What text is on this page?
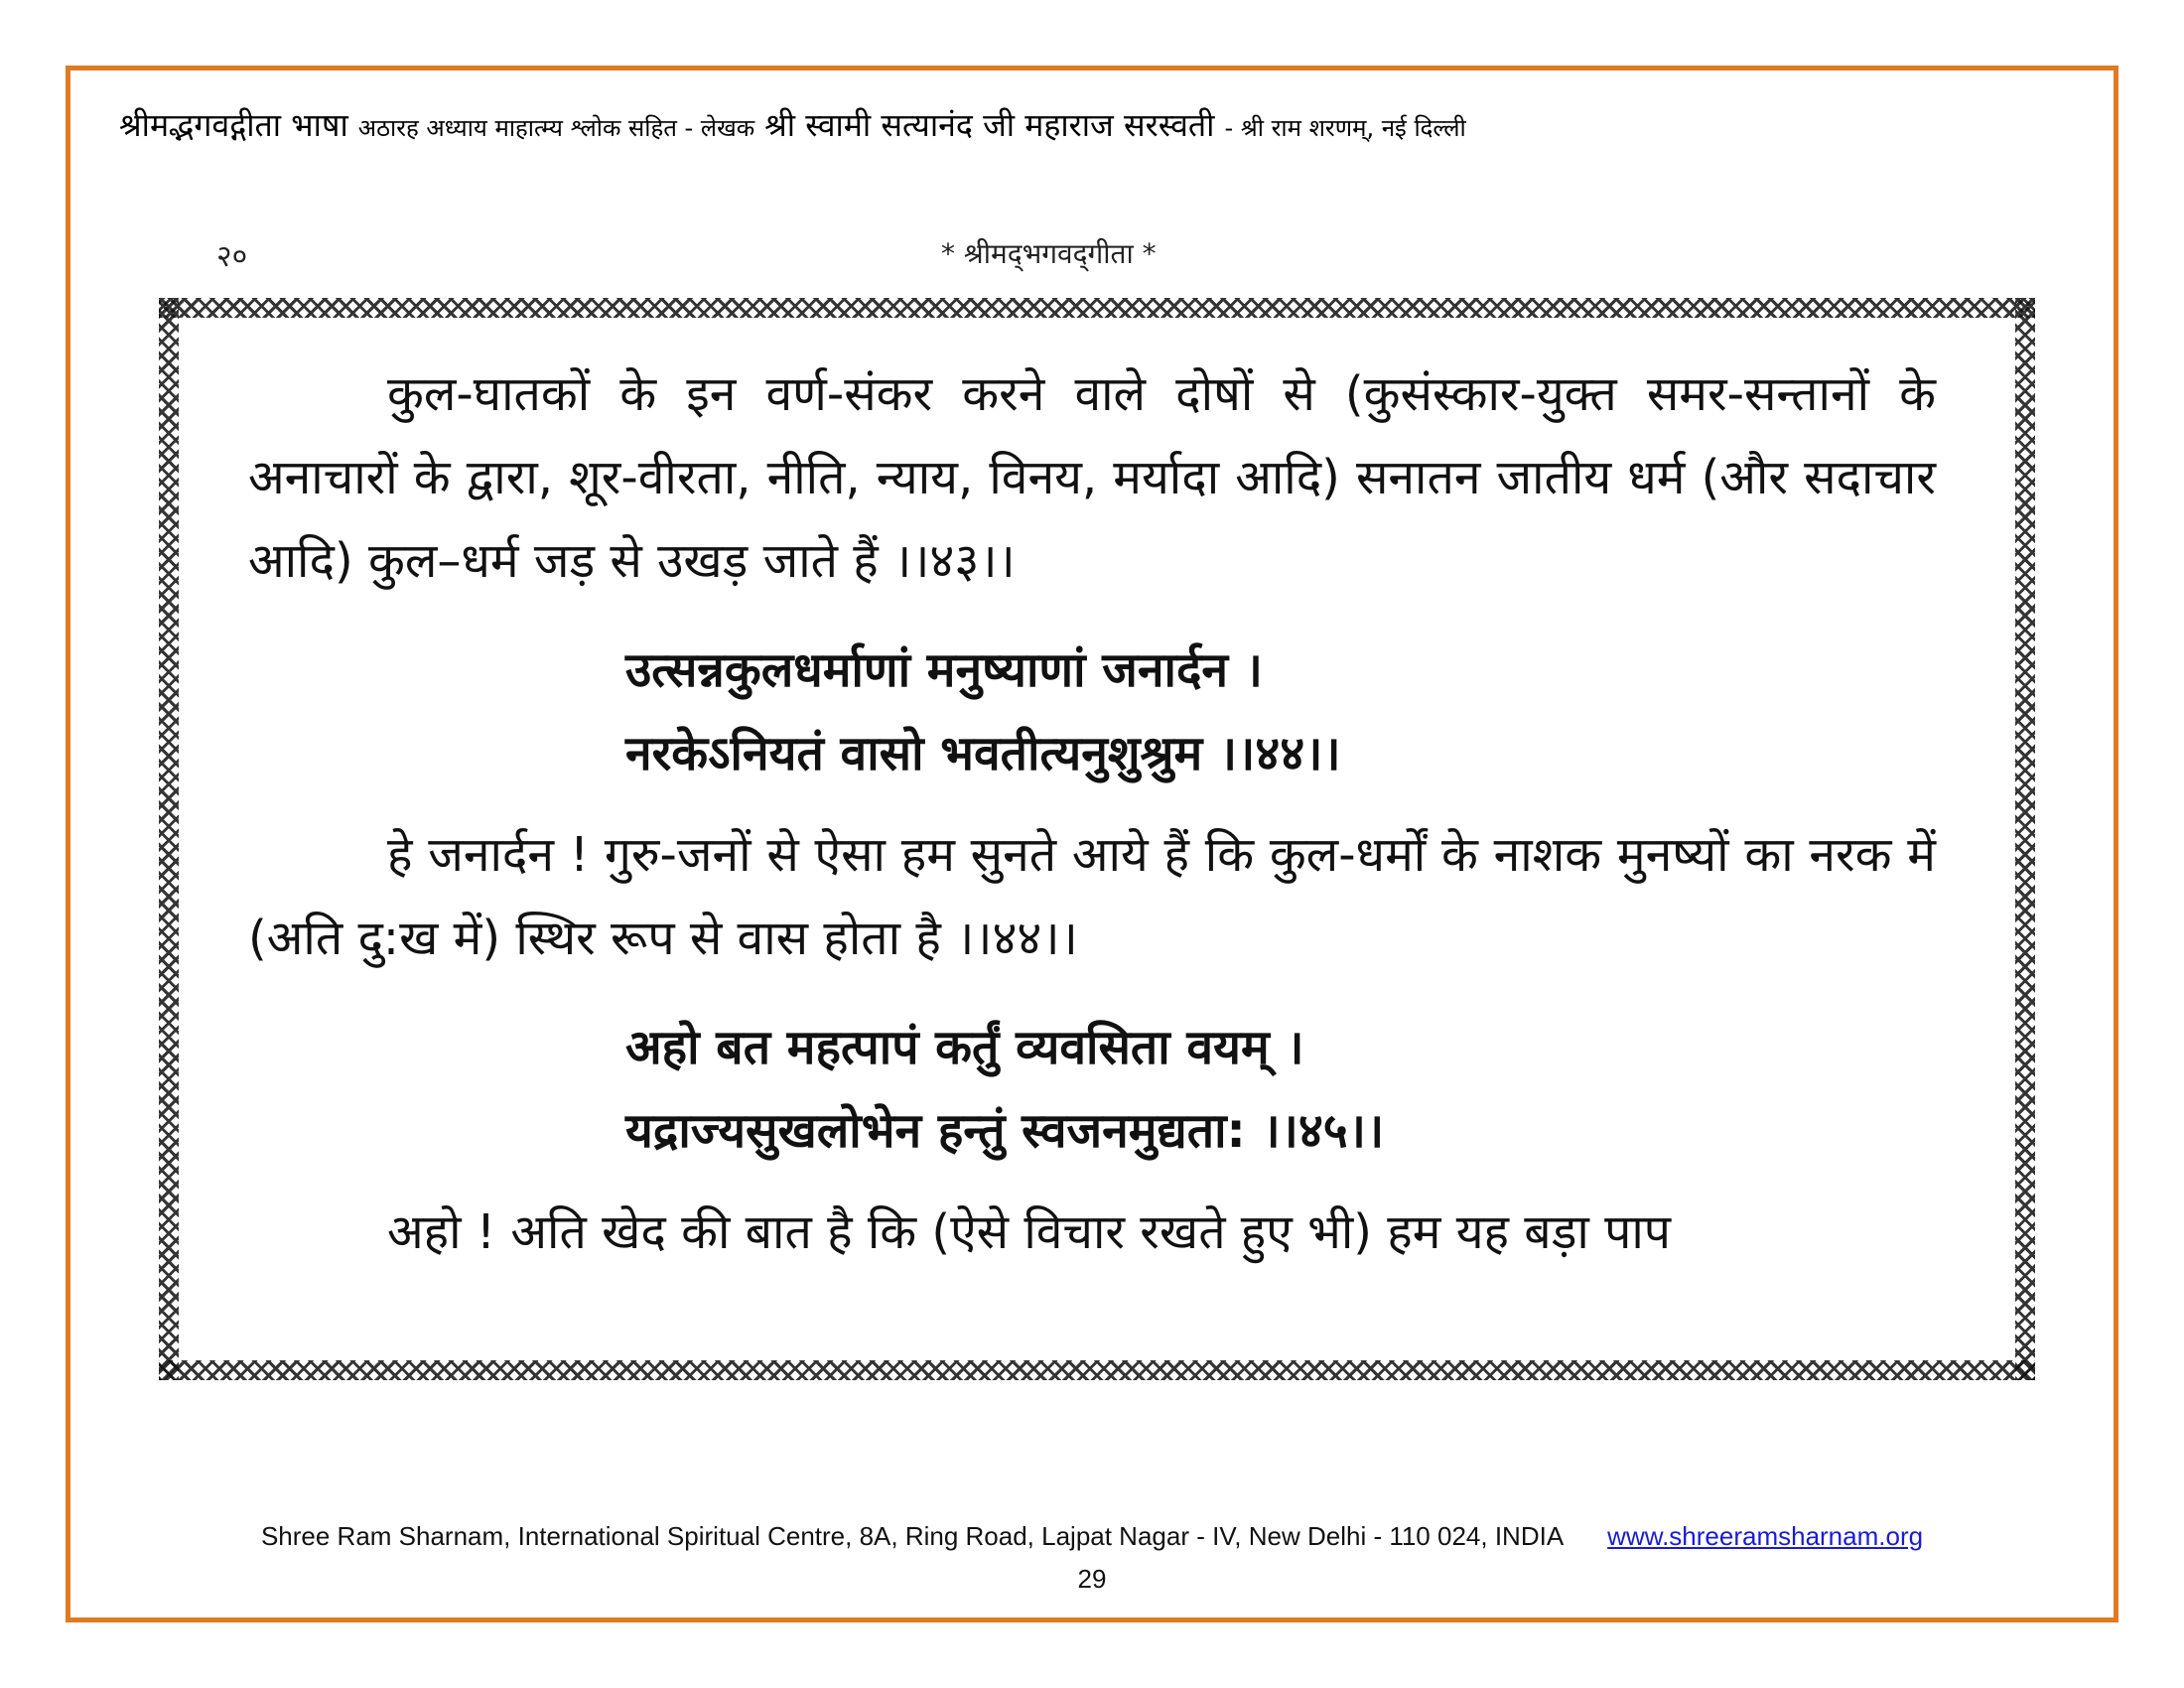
श्रीमद्भगवद्गीता भाषा अठारह अध्याय माहात्म्य श्लोक सहित - लेखक श्री स्वामी सत्यानंद जी महाराज सरस्वती - श्री राम शरणम्, नई दिल्ली
२०	* श्रीमद्‌भगवद्‌गीता *

कुल-घातकों के इन वर्ण-संकर करने वाले दोषों से (कुसंस्कार-युक्त समर-सन्तानों के अनाचारों के द्वारा, शूर-वीरता, नीति, न्याय, विनय, मर्यादा आदि) सनातन जातीय धर्म (और सदाचार आदि) कुल–धर्म जड़ से उखड़ जाते हैं ।।४३।।

उत्सन्नकुलधर्माणां मनुष्याणां जनार्दन ।
नरकेऽनियतं वासो भवतीत्यनुशुश्रुम ।।४४।।

हे जनार्दन ! गुरु-जनों से ऐसा हम सुनते आये हैं कि कुल-धर्मों के नाशक मुनष्यों का नरक में (अति दु:ख में) स्थिर रूप से वास होता है ।।४४।।

अहो बत महत्पापं कर्तुं व्यवसिता वयम् ।
यद्राज्यसुखलोभेन हन्तुं स्वजनमुद्यता: ।।४५।।

अहो ! अति खेद की बात है कि (ऐसे विचार रखते हुए भी) हम यह बड़ा पाप

Shree Ram Sharnam, International Spiritual Centre, 8A, Ring Road, Lajpat Nagar - IV, New Delhi - 110 024, INDIA www.shreeramsharnam.org
29
